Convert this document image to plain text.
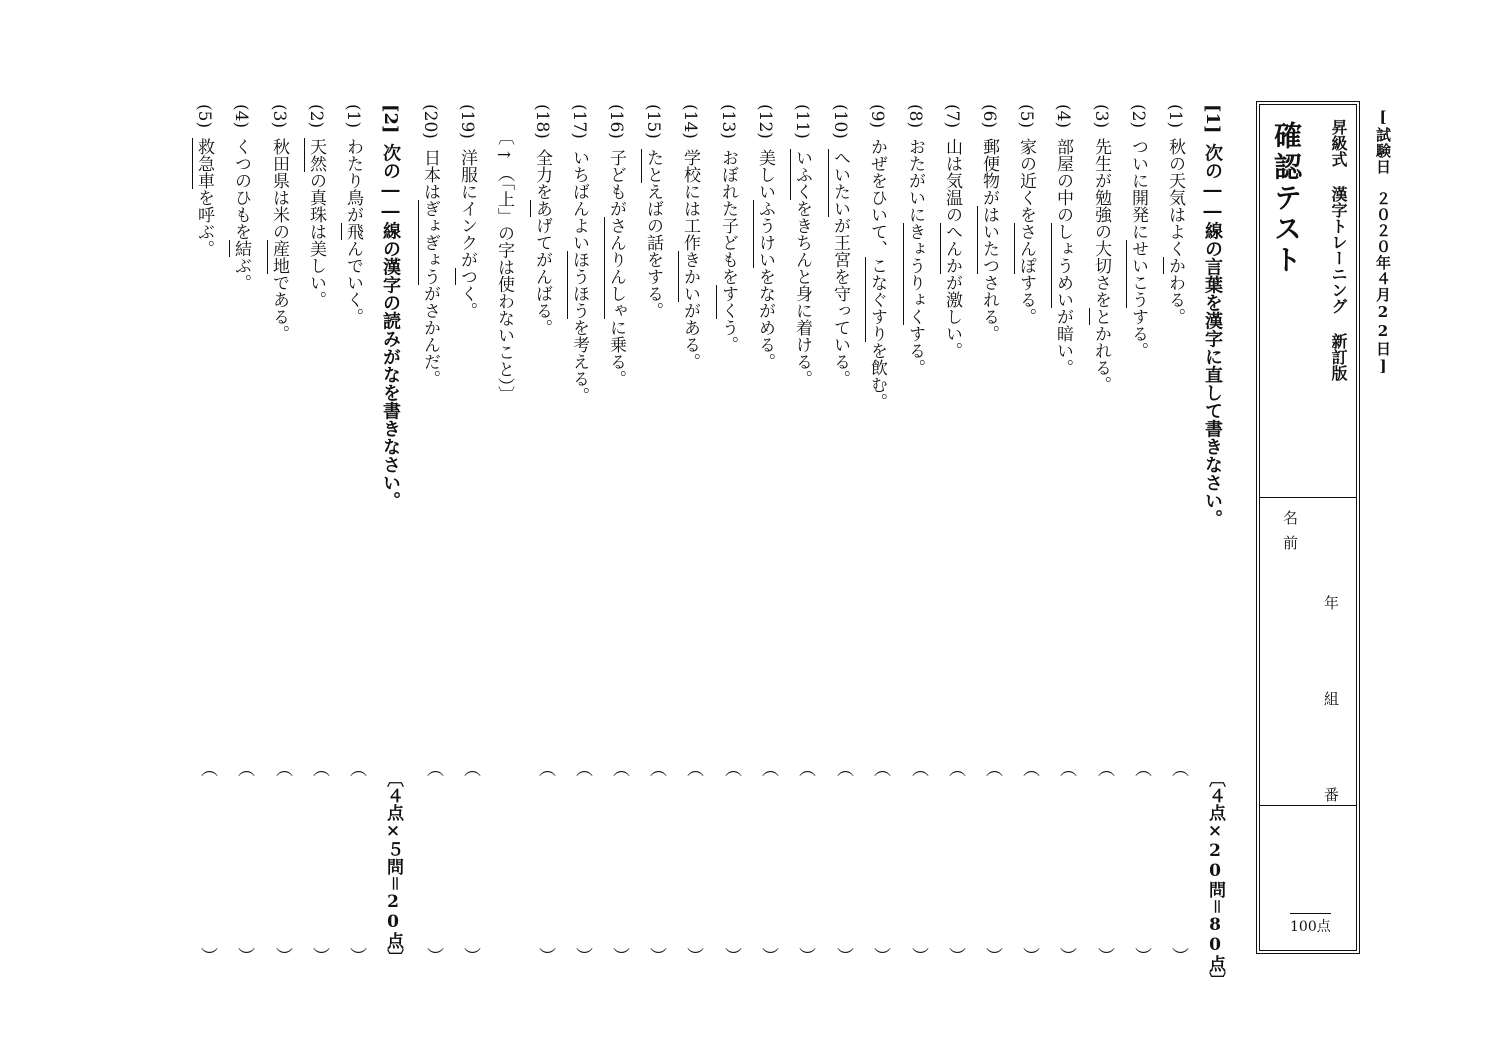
[試験日　２０２０年４月22日]
昇級式 漢字トレーニング 新訂版
確認テスト
名前
年
組
番
100点
[1]次の――線の言葉を漢字に直して書きなさい。
〔４点×20問＝80点〕
(1)秋の天気はよくかわる。
（　　　　　　　　　　）
(2)ついに開発にせいこうする。
（　　　　　　　　　　）
(3)先生が勉強の大切さをとかれる。
（　　　　　　　　　　）
(4)部屋の中のしょうめいが暗い。
（　　　　　　　　　　）
(5)家の近くをさんぽする。
（　　　　　　　　　　）
(6)郵便物がはいたつされる。
（　　　　　　　　　　）
(7)山は気温のへんかが激しい。
（　　　　　　　　　　）
(8)おたがいにきょうりょくする。
（　　　　　　　　　　）
(9)かぜをひいて、こなぐすりを飲む。
（　　　　　　　　　　）
(10)へいたいが王宮を守っている。
（　　　　　　　　　　）
(11)いふくをきちんと身に着ける。
（　　　　　　　　　　）
(12)美しいふうけいをながめる。
（　　　　　　　　　　）
(13)おぼれた子どもをすくう。
（　　　　　　　　　　）
(14)学校には工作きかいがある。
（　　　　　　　　　　）
(15)たとえばの話をする。
（　　　　　　　　　　）
(16)子どもがさんりんしゃに乗る。
（　　　　　　　　　　）
(17)いちばんよいほうほうを考える。
（　　　　　　　　　　）
(18)全力をあげてがんばる。
（　　　　　　　　　　）
〔→（「上」の字は使わないこと）〕
(19)洋服にインクがつく。
（　　　　　　　　　　）
(20)日本はぎょぎょうがさかんだ。
（　　　　　　　　　　）
[2]次の――線の漢字の読みがなを書きなさい。
〔４点×５問＝20点〕
(1)わたり鳥が飛んでいく。
（　　　　　　　　　　）
(2)天然の真珠は美しい。
（　　　　　　　　　　）
(3)秋田県は米の産地である。
（　　　　　　　　　　）
(4)くつのひもを結ぶ。
（　　　　　　　　　　）
(5)救急車を呼ぶ。
（　　　　　　　　　　）
